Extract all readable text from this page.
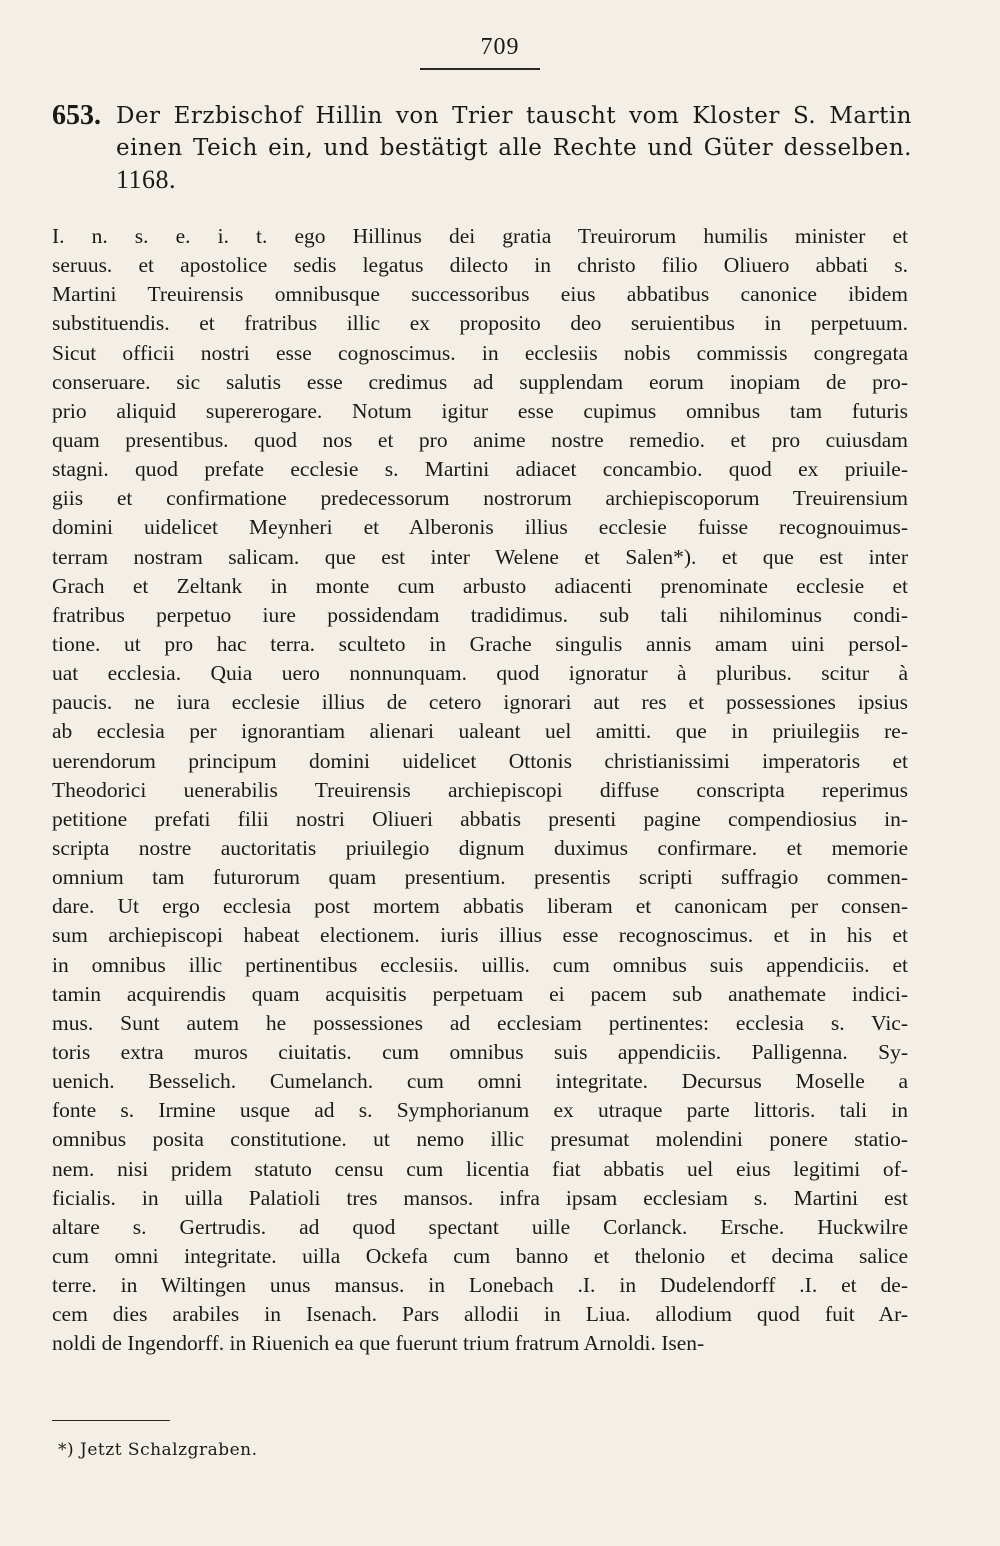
709
653. Der Erzbischof Hillin von Trier tauscht vom Kloster S. Martin
einen Teich ein, und bestätigt alle Rechte und Güter desselben.
1168.
I. n. s. e. i. t. ego Hillinus dei gratia Treuirorum humilis minister et
seruus. et apostolice sedis legatus dilecto in christo filio Oliuero abbati s.
Martini Treuirensis omnibusque successoribus eius abbatibus canonice ibidem
substituendis. et fratribus illic ex proposito deo seruientibus in perpetuum.
Sicut officii nostri esse cognoscimus. in ecclesiis nobis commissis congregata
conseruare. sic salutis esse credimus ad supplendam eorum inopiam de pro-
prio aliquid supererogare. Notum igitur esse cupimus omnibus tam futuris
quam presentibus. quod nos et pro anime nostre remedio. et pro cuiusdam
stagni. quod prefate ecclesie s. Martini adiacet concambio. quod ex priuile-
giis et confirmatione predecessorum nostrorum archiepiscoporum Treuirensium
domini uidelicet Meynheri et Alberonis illius ecclesie fuisse recognouimus-
terram nostram salicam. que est inter Welene et Salen*). et que est inter
Grach et Zeltank in monte cum arbusto adiacenti prenominate ecclesie et
fratribus perpetuo iure possidendam tradidimus. sub tali nihilominus condi-
tione. ut pro hac terra. sculteto in Grache singulis annis amam uini persol-
uat ecclesia. Quia uero nonnunquam. quod ignoratur à pluribus. scitur à
paucis. ne iura ecclesie illius de cetero ignorari aut res et possessiones ipsius
ab ecclesia per ignorantiam alienari ualeant uel amitti. que in priuilegiis re-
uerendorum principum domini uidelicet Ottonis christianissimi imperatoris et
Theodorici uenerabilis Treuirensis archiepiscopi diffuse conscripta reperimus
petitione prefati filii nostri Oliueri abbatis presenti pagine compendiosius in-
scripta nostre auctoritatis priuilegio dignum duximus confirmare. et memorie
omnium tam futurorum quam presentium. presentis scripti suffragio commen-
dare. Ut ergo ecclesia post mortem abbatis liberam et canonicam per consen-
sum archiepiscopi habeat electionem. iuris illius esse recognoscimus. et in his et
in omnibus illic pertinentibus ecclesiis. uillis. cum omnibus suis appendiciis. et
tamin acquirendis quam acquisitis perpetuam ei pacem sub anathemate indici-
mus. Sunt autem he possessiones ad ecclesiam pertinentes: ecclesia s. Vic-
toris extra muros ciuitatis. cum omnibus suis appendiciis. Palligenna. Sy-
uenich. Besselich. Cumelanch. cum omni integritate. Decursus Moselle a
fonte s. Irmine usque ad s. Symphorianum ex utraque parte littoris. tali in
omnibus posita constitutione. ut nemo illic presumat molendini ponere statio-
nem. nisi pridem statuto censu cum licentia fiat abbatis uel eius legitimi of-
ficialis. in uilla Palatioli tres mansos. infra ipsam ecclesiam s. Martini est
altare s. Gertrudis. ad quod spectant uille Corlanck. Ersche. Huckwilre
cum omni integritate. uilla Ockefa cum banno et thelonio et decima salice
terre. in Wiltingen unus mansus. in Lonebach .I. in Dudelendorff .I. et de-
cem dies arabiles in Isenach. Pars allodii in Liua. allodium quod fuit Ar-
noldi de Ingendorff. in Riuenich ea que fuerunt trium fratrum Arnoldi. Isen-
*) Jetzt Schalzgraben.
